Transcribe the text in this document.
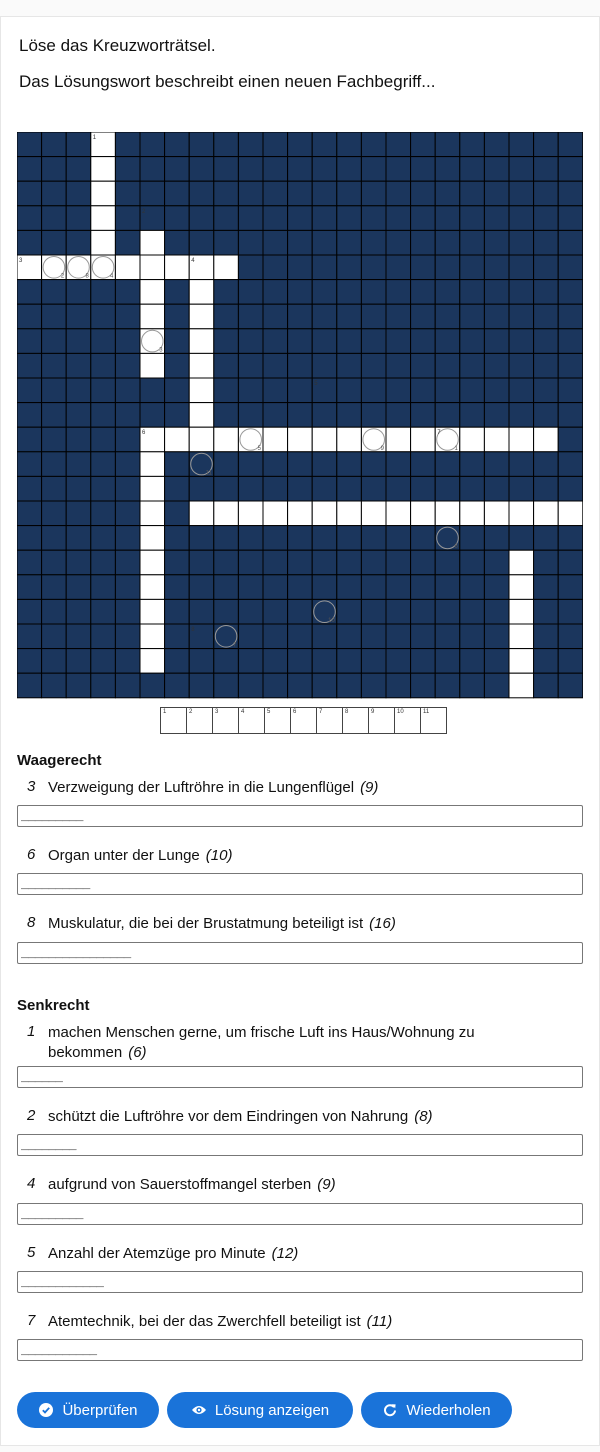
Löse das Kreuzworträtsel.
Das Lösungswort beschreibt einen neuen Fachbegriff...
2	8	4
3
5	9	1
11
6
10
7
3
1
2
4
6
5
7
8
1	2	3	4	5	6	7	8	9	10	11
Waagerecht
3 Verzweigung der Luftröhre in die Lungenflügel (9)
_________
6 Organ unter der Lunge (10)
__________
8 Muskulatur, die bei der Brustatmung beteiligt ist (16)
________________
Senkrecht
1 machen Menschen gerne, um frische Luft ins Haus/Wohnung zu bekommen (6)
______
2 schützt die Luftröhre vor dem Eindringen von Nahrung (8)
________
4 aufgrund von Sauerstoffmangel sterben (9)
_________
5 Anzahl der Atemzüge pro Minute (12)
____________
7 Atemtechnik, bei der das Zwerchfell beteiligt ist (11)
___________
Überprüfen	Lösung anzeigen	Wiederholen
